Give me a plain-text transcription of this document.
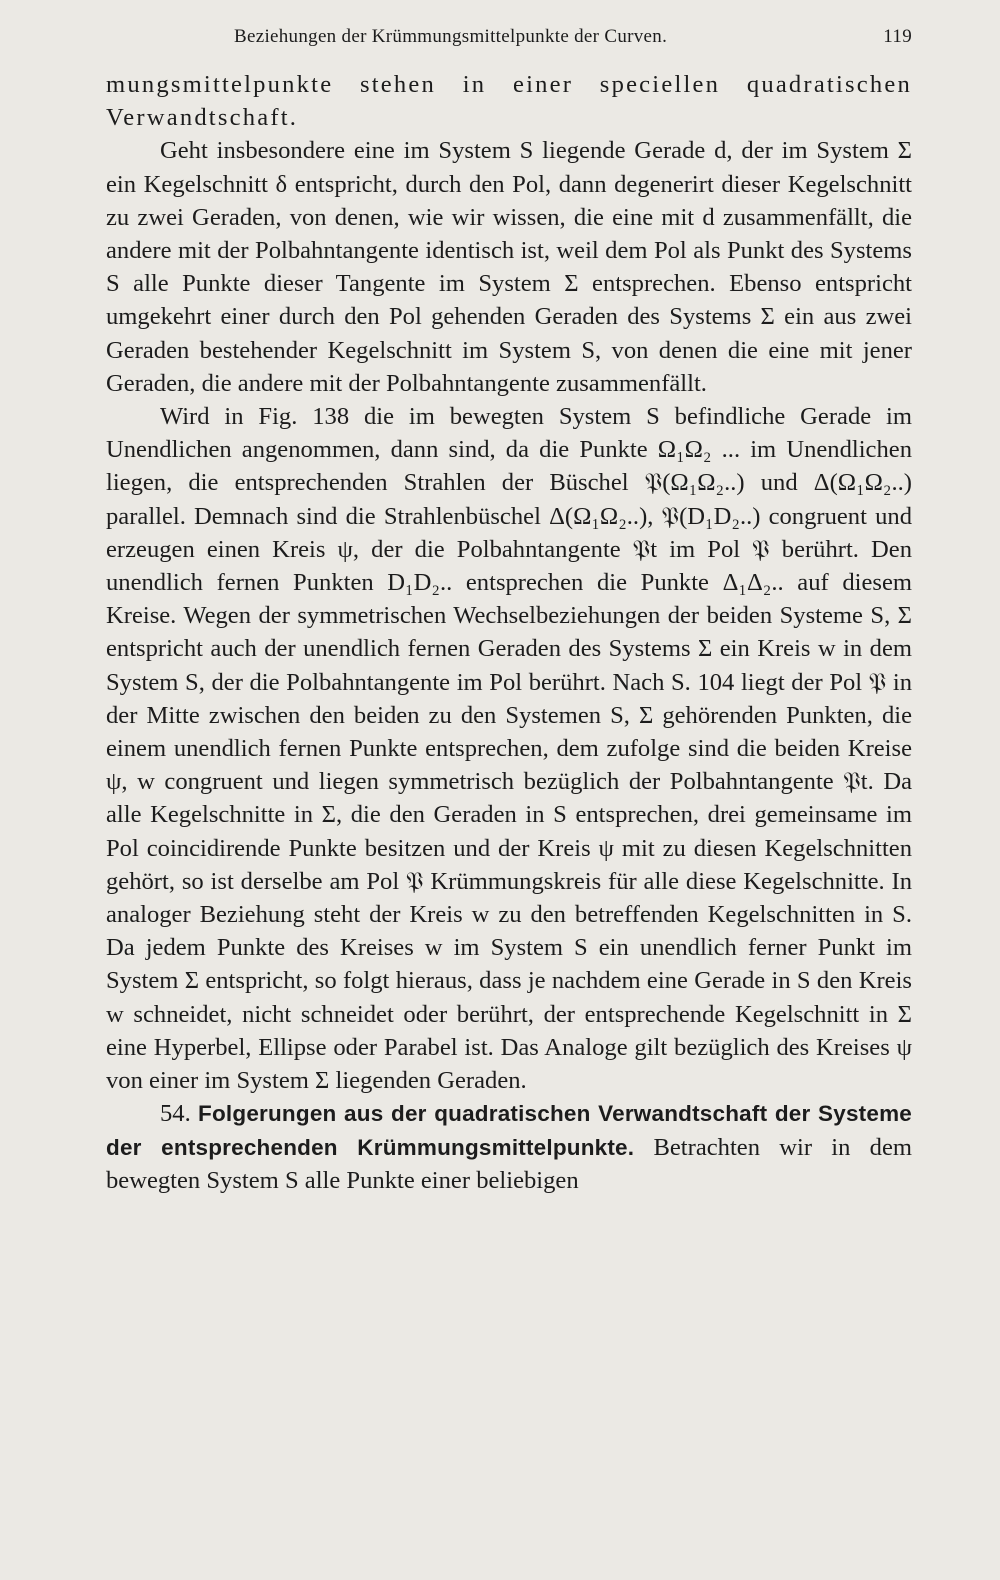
Beziehungen der Krümmungsmittelpunkte der Curven.	119

mungsmittelpunkte stehen in einer speciellen quadratischen Verwandtschaft.

Geht insbesondere eine im System S liegende Gerade d, der im System Σ ein Kegelschnitt δ entspricht, durch den Pol, dann degenerirt dieser Kegelschnitt zu zwei Geraden, von denen, wie wir wissen, die eine mit d zusammenfällt, die andere mit der Polbahntangente identisch ist, weil dem Pol als Punkt des Systems S alle Punkte dieser Tangente im System Σ entsprechen. Ebenso entspricht umgekehrt einer durch den Pol gehenden Geraden des Systems Σ ein aus zwei Geraden bestehender Kegelschnitt im System S, von denen die eine mit jener Geraden, die andere mit der Polbahntangente zusammenfällt.

Wird in Fig. 138 die im bewegten System S befindliche Gerade im Unendlichen angenommen, dann sind, da die Punkte Ω₁Ω₂ ... im Unendlichen liegen, die entsprechenden Strahlen der Büschel 𝔓(Ω₁Ω₂..) und Δ(Ω₁Ω₂..) parallel. Demnach sind die Strahlenbüschel Δ(Ω₁Ω₂..), 𝔓(D₁D₂..) congruent und erzeugen einen Kreis ψ, der die Polbahntangente 𝔓t im Pol 𝔓 berührt. Den unendlich fernen Punkten D₁D₂.. entsprechen die Punkte Δ₁Δ₂.. auf diesem Kreise. Wegen der symmetrischen Wechselbeziehungen der beiden Systeme S, Σ entspricht auch der unendlich fernen Geraden des Systems Σ ein Kreis w in dem System S, der die Polbahntangente im Pol berührt. Nach S. 104 liegt der Pol 𝔓 in der Mitte zwischen den beiden zu den Systemen S, Σ gehörenden Punkten, die einem unendlich fernen Punkte entsprechen, dem zufolge sind die beiden Kreise ψ, w congruent und liegen symmetrisch bezüglich der Polbahntangente 𝔓t. Da alle Kegelschnitte in Σ, die den Geraden in S entsprechen, drei gemeinsame im Pol coincidirende Punkte besitzen und der Kreis ψ mit zu diesen Kegelschnitten gehört, so ist derselbe am Pol 𝔓 Krümmungskreis für alle diese Kegelschnitte. In analoger Beziehung steht der Kreis w zu den betreffenden Kegelschnitten in S. Da jedem Punkte des Kreises w im System S ein unendlich ferner Punkt im System Σ entspricht, so folgt hieraus, dass je nachdem eine Gerade in S den Kreis w schneidet, nicht schneidet oder berührt, der entsprechende Kegelschnitt in Σ eine Hyperbel, Ellipse oder Parabel ist. Das Analoge gilt bezüglich des Kreises ψ von einer im System Σ liegenden Geraden.

54. Folgerungen aus der quadratischen Verwandtschaft der Systeme der entsprechenden Krümmungsmittelpunkte. Betrachten wir in dem bewegten System S alle Punkte einer beliebigen
